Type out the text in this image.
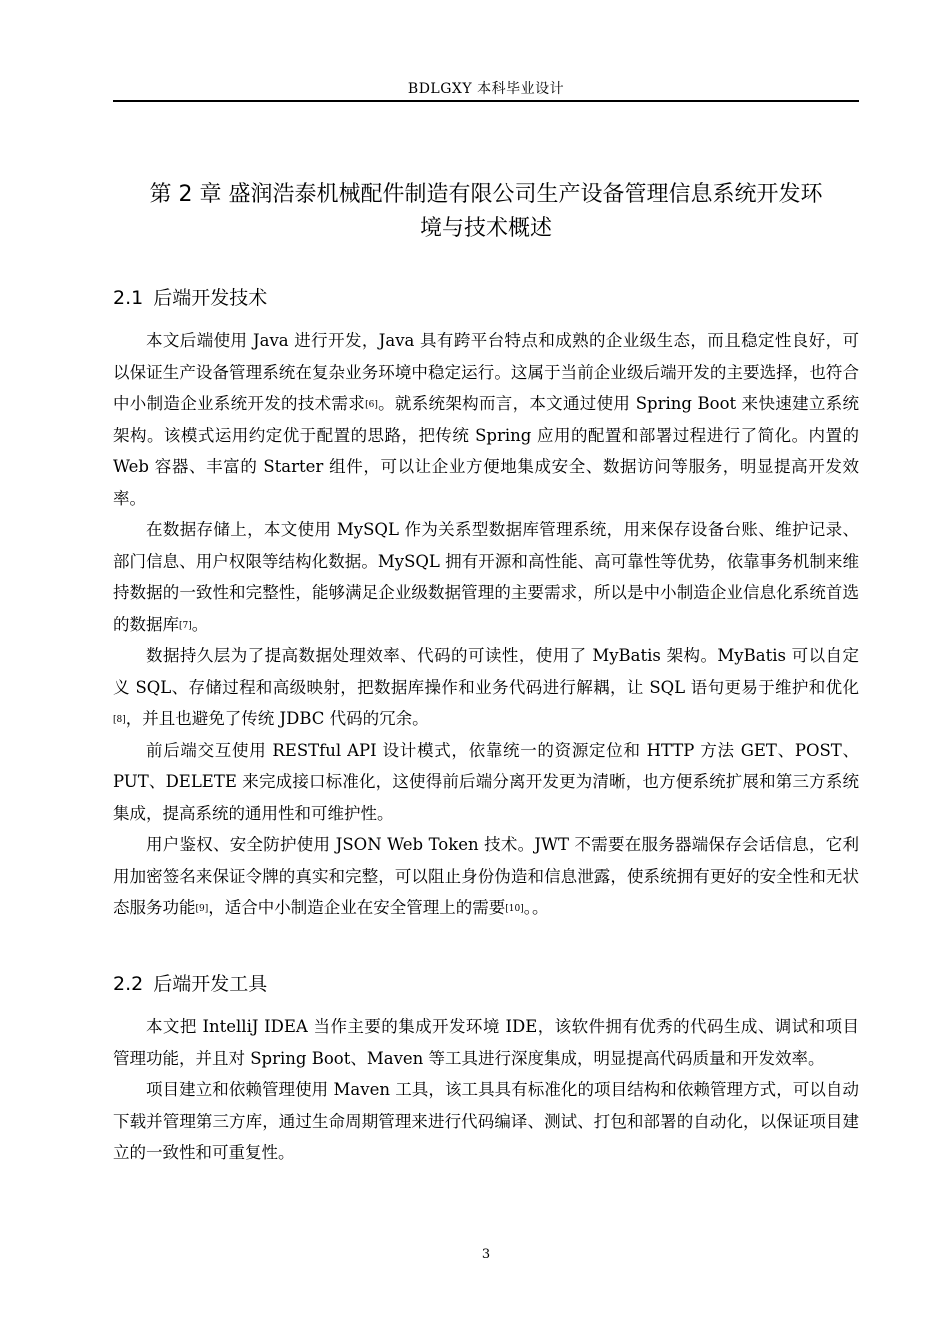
BDLGXY 本科毕业设计
第 2 章 盛润浩泰机械配件制造有限公司生产设备管理信息系统开发环
境与技术概述
2.1 后端开发技术

本文后端使用 Java 进行开发，Java 具有跨平台特点和成熟的企业级生态，而且稳定性良好，可以保证生产设备管理系统在复杂业务环境中稳定运行。这属于当前企业级后端开发的主要选择，也符合中小制造企业系统开发的技术需求[6]。就系统架构而言，本文通过使用 Spring Boot 来快速建立系统架构。该模式运用约定优于配置的思路，把传统 Spring 应用的配置和部署过程进行了简化。内置的 Web 容器、丰富的 Starter 组件，可以让企业方便地集成安全、数据访问等服务，明显提高开发效率。

在数据存储上，本文使用 MySQL 作为关系型数据库管理系统，用来保存设备台账、维护记录、部门信息、用户权限等结构化数据。MySQL 拥有开源和高性能、高可靠性等优势，依靠事务机制来维持数据的一致性和完整性，能够满足企业级数据管理的主要需求，所以是中小制造企业信息化系统首选的数据库[7]。

数据持久层为了提高数据处理效率、代码的可读性，使用了 MyBatis 架构。MyBatis 可以自定义 SQL、存储过程和高级映射，把数据库操作和业务代码进行解耦，让 SQL 语句更易于维护和优化[8]，并且也避免了传统 JDBC 代码的冗余。

前后端交互使用 RESTful API 设计模式，依靠统一的资源定位和 HTTP 方法 GET、POST、PUT、DELETE 来完成接口标准化，这使得前后端分离开发更为清晰，也方便系统扩展和第三方系统集成，提高系统的通用性和可维护性。

用户鉴权、安全防护使用 JSON Web Token 技术。JWT 不需要在服务器端保存会话信息，它利用加密签名来保证令牌的真实和完整，可以阻止身份伪造和信息泄露，使系统拥有更好的安全性和无状态服务功能[9]，适合中小制造企业在安全管理上的需要[10]。。

2.2 后端开发工具

本文把 IntelliJ IDEA 当作主要的集成开发环境 IDE，该软件拥有优秀的代码生成、调试和项目管理功能，并且对 Spring Boot、Maven 等工具进行深度集成，明显提高代码质量和开发效率。

项目建立和依赖管理使用 Maven 工具，该工具具有标准化的项目结构和依赖管理方式，可以自动下载并管理第三方库，通过生命周期管理来进行代码编译、测试、打包和部署的自动化，以保证项目建立的一致性和可重复性。

3
